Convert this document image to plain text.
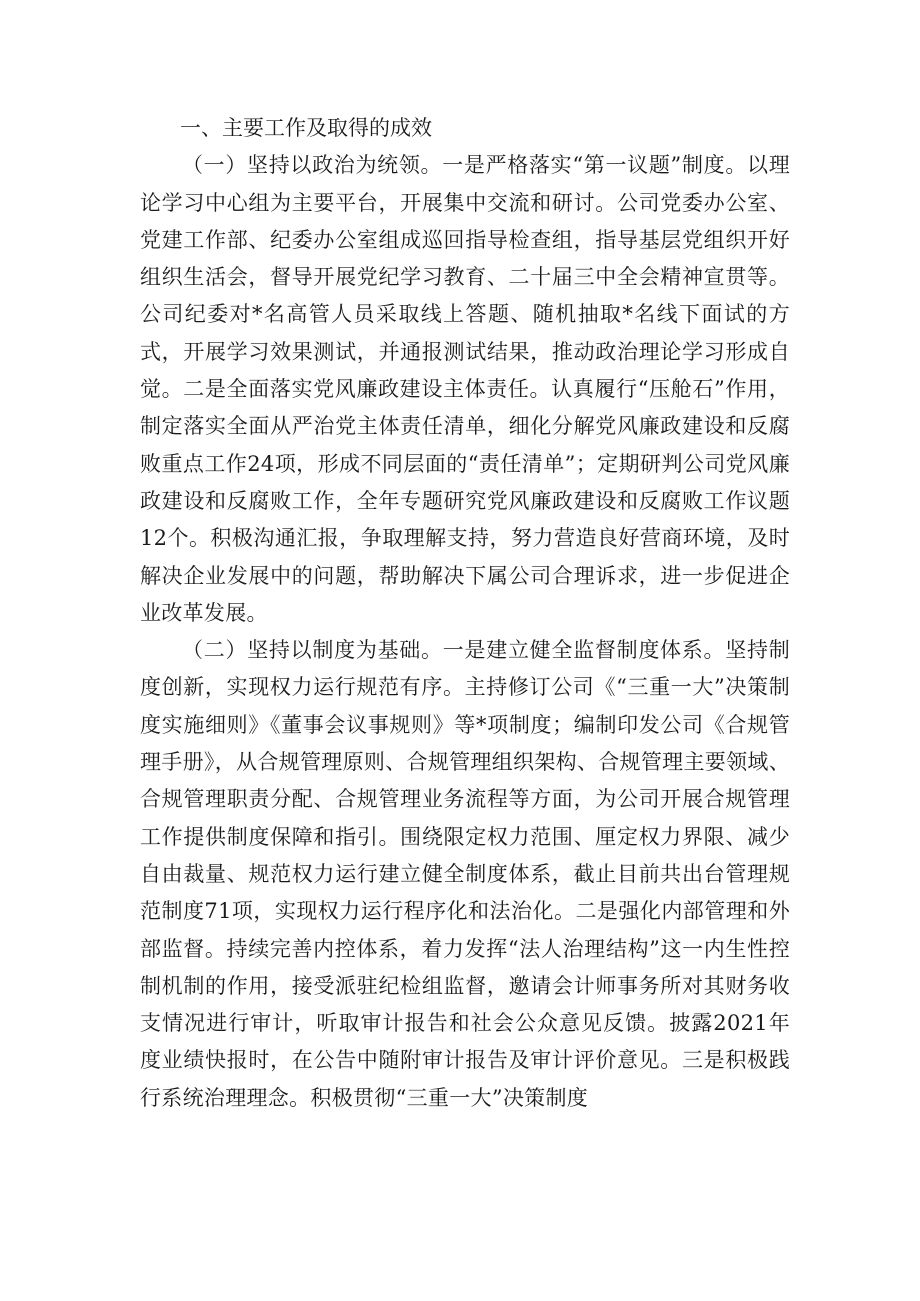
一、主要工作及取得的成效

（一）坚持以政治为统领。一是严格落实“第一议题”制度。以理论学习中心组为主要平台，开展集中交流和研讨。公司党委办公室、党建工作部、纪委办公室组成巡回指导检查组，指导基层党组织开好组织生活会，督导开展党纪学习教育、二十届三中全会精神宣贯等。公司纪委对*名高管人员采取线上答题、随机抽取*名线下面试的方式，开展学习效果测试，并通报测试结果，推动政治理论学习形成自觉。二是全面落实党风廉政建设主体责任。认真履行“压舱石”作用，制定落实全面从严治党主体责任清单，细化分解党风廉政建设和反腐败重点工作24项，形成不同层面的“责任清单”；定期研判公司党风廉政建设和反腐败工作，全年专题研究党风廉政建设和反腐败工作议题12个。积极沟通汇报，争取理解支持，努力营造良好营商环境，及时解决企业发展中的问题，帮助解决下属公司合理诉求，进一步促进企业改革发展。

（二）坚持以制度为基础。一是建立健全监督制度体系。坚持制度创新，实现权力运行规范有序。主持修订公司《“三重一大”决策制度实施细则》《董事会议事规则》等*项制度；编制印发公司《合规管理手册》，从合规管理原则、合规管理组织架构、合规管理主要领域、合规管理职责分配、合规管理业务流程等方面，为公司开展合规管理工作提供制度保障和指引。围绕限定权力范围、厘定权力界限、减少自由裁量、规范权力运行建立健全制度体系，截止目前共出台管理规范制度71项，实现权力运行程序化和法治化。二是强化内部管理和外部监督。持续完善内控体系，着力发挥“法人治理结构”这一内生性控制机制的作用，接受派驻纪检组监督，邀请会计师事务所对其财务收支情况进行审计，听取审计报告和社会公众意见反馈。披露2021年度业绩快报时，在公告中随附审计报告及审计评价意见。三是积极践行系统治理理念。积极贯彻“三重一大”决策制度
